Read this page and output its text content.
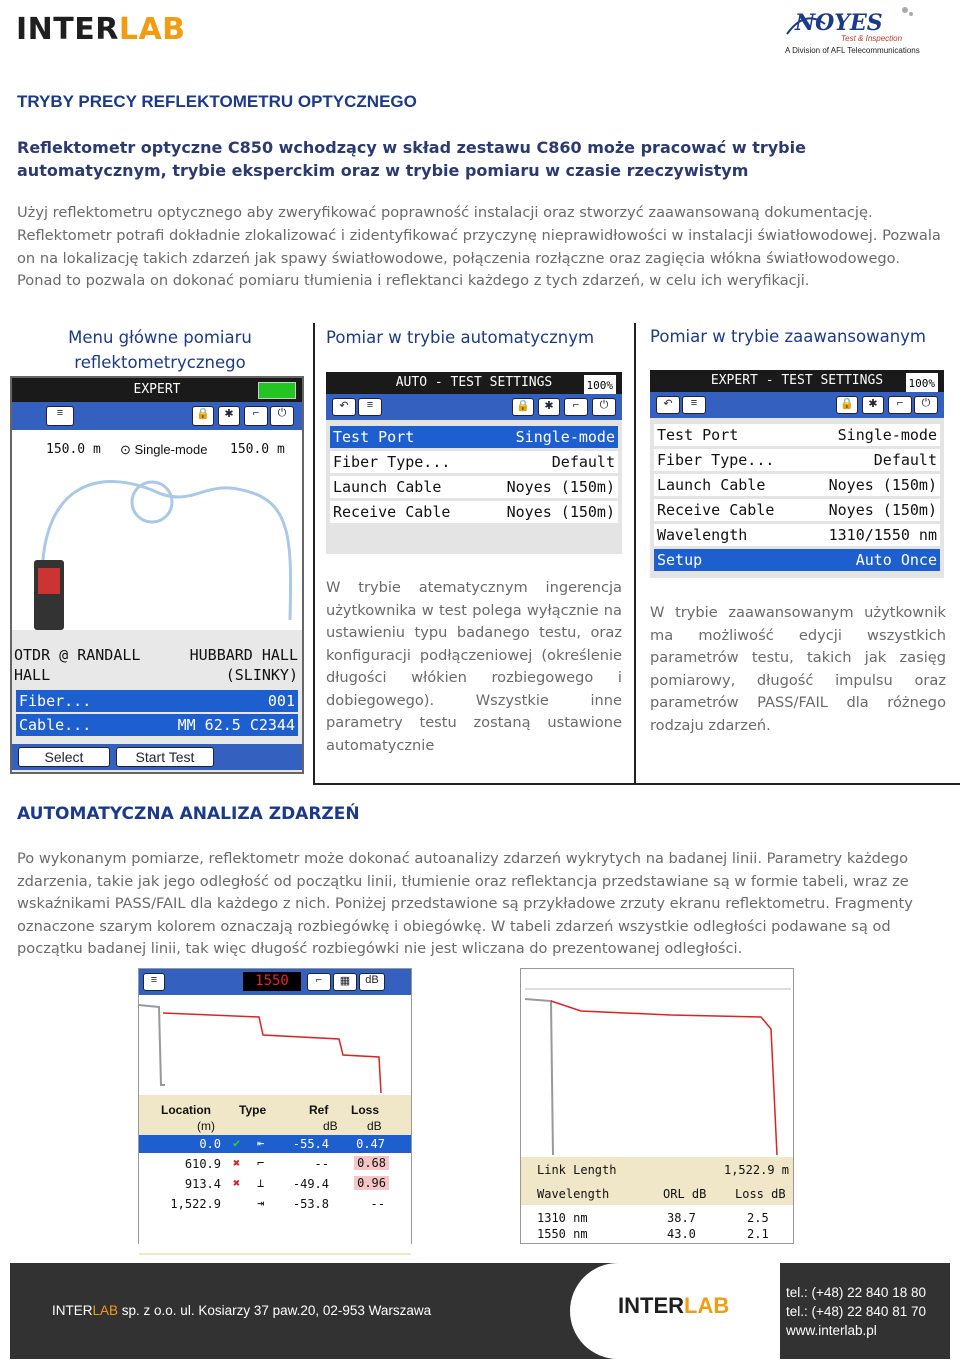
INTERLAB	NOYES
Test & Inspection
A Division of AFL Telecommunications
TRYBY PRECY REFLEKTOMETRU OPTYCZNEGO
Reflektometr optyczne C850 wchodzący w skład zestawu C860 może pracować w trybie automatycznym, trybie eksperckim oraz w trybie pomiaru w czasie rzeczywistym
Użyj reflektometru optycznego aby zweryfikować poprawność instalacji oraz stworzyć zaawansowaną dokumentację.
Reflektometr potrafi dokładnie zlokalizować i zidentyfikować przyczynę nieprawidłowości w instalacji światłowodowej. Pozwala on na lokalizację takich zdarzeń jak spawy światłowodowe, połączenia rozłączne oraz zagięcia włókna światłowodowego. Ponad to pozwala on dokonać pomiaru tłumienia i reflektanci każdego z tych zdarzeń, w celu ich weryfikacji.
Menu główne pomiaru reflektometrycznego
Pomiar w trybie automatycznym	Pomiar w trybie zaawansowanym
EXPERT
≡	🔒	✱	⌐	⏻
150.0 m ⊙ Single-mode 150.0 m
OTDR @ RANDALL
HALL
HUBBARD HALL
(SLINKY)
Fiber...	001
Cable...	MM 62.5 C2344
Select	Start Test
AUTO - TEST SETTINGS	100%
↶	≡	🔒	✱	⌐	⏻
Test Port	Single-mode
Fiber Type...	Default
Launch Cable	Noyes (150m)
Receive Cable	Noyes (150m)
EXPERT - TEST SETTINGS 100%
↶	≡	🔒	✱	⌐	⏻
Test Port	Single-mode
Fiber Type...	Default
Launch Cable	Noyes (150m)
Receive Cable	Noyes (150m)
Wavelength	1310/1550 nm
Setup	Auto Once
W trybie atematycznym ingerencja użytkownika w test polega wyłącznie na ustawieniu typu badanego testu, oraz konfiguracji podłączeniowej (określenie długości włókien rozbiegowego i dobiegowego). Wszystkie inne parametry testu zostaną ustawione automatycznie
W trybie zaawansowanym użytkownik ma możliwość edycji wszystkich parametrów testu, takich jak zasięg pomiarowy, długość impulsu oraz parametrów PASS/FAIL dla różnego rodzaju zdarzeń.
AUTOMATYCZNA ANALIZA ZDARZEŃ
Po wykonanym pomiarze, reflektometr może dokonać autoanalizy zdarzeń wykrytych na badanej linii. Parametry każdego zdarzenia, takie jak jego odległość od początku linii, tłumienie oraz reflektancja przedstawiane są w formie tabeli, wraz ze wskaźnikami PASS/FAIL dla każdego z nich. Poniżej przedstawione są przykładowe zrzuty ekranu reflektometru. Fragmenty oznaczone szarym kolorem oznaczają rozbiegówkę i obiegówkę. W tabeli zdarzeń wszystkie odległości podawane są od początku badanej linii, tak więc długość rozbiegówki nie jest wliczana do prezentowanej odległości.
≡	1550	⌐	▦	dB
Location Type	Ref Loss
(m)	dB dB
0.0 ✔ ⇤ -55.4 0.47
610.9 ✖ ⌐	-- 0.68
913.4 ✖ ⊥ -49.4 0.96
1,522.9	⇥ -53.8	--
Link Length	1,522.9 m
Wavelength	ORL dB Loss dB
1310 nm	38.7	2.5
1550 nm	43.0	2.1
INTERLAB sp. z o.o. ul. Kosiarzy 37 paw.20, 02-953 Warszawa	INTERLAB
tel.: (+48) 22 840 18 80
tel.: (+48) 22 840 81 70
www.interlab.pl
